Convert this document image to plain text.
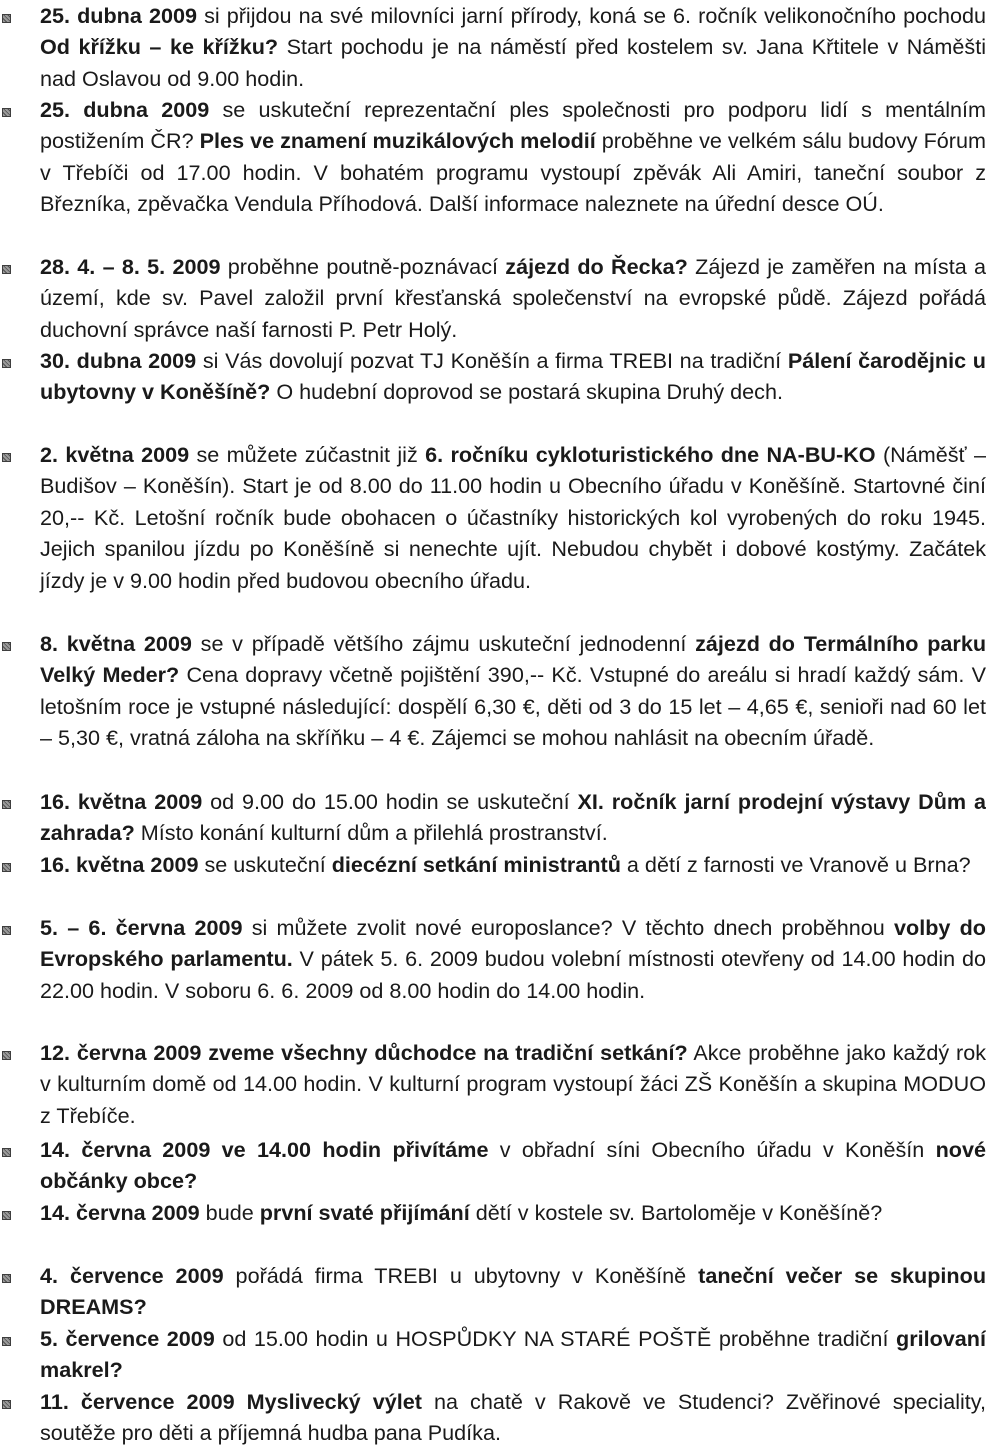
25. dubna 2009 si přijdou na své milovníci jarní přírody, koná se 6. ročník velikonočního pochodu Od křížku – ke křížku? Start pochodu je na náměstí před kostelem sv. Jana Křtitele v Náměšti nad Oslavou od 9.00 hodin.

25. dubna 2009 se uskuteční reprezentační ples společnosti pro podporu lidí s mentálním postižením ČR? Ples ve znamení muzikálových melodií proběhne ve velkém sálu budovy Fórum v Třebíči od 17.00 hodin. V bohatém programu vystoupí zpěvák Ali Amiri, taneční soubor z Březníka, zpěvačka Vendula Příhodová. Další informace naleznete na úřední desce OÚ.

28. 4. – 8. 5. 2009 proběhne poutně-poznávací zájezd do Řecka? Zájezd je zaměřen na místa a území, kde sv. Pavel založil první křesťanská společenství na evropské půdě. Zájezd pořádá duchovní správce naší farnosti P. Petr Holý.

30. dubna 2009 si Vás dovolují pozvat TJ Koněšín a firma TREBI na tradiční Pálení čarodějnic u ubytovny v Koněšíně? O hudební doprovod se postará skupina Druhý dech.

2. května 2009 se můžete zúčastnit již 6. ročníku cykloturistického dne NA-BU-KO (Náměšť – Budišov – Koněšín). Start je od 8.00 do 11.00 hodin u Obecního úřadu v Koněšíně. Startovné činí 20,-- Kč. Letošní ročník bude obohacen o účastníky historických kol vyrobených do roku 1945. Jejich spanilou jízdu po Koněšíně si nenechte ujít. Nebudou chybět i dobové kostýmy. Začátek jízdy je v 9.00 hodin před budovou obecního úřadu.

8. května 2009 se v případě většího zájmu uskuteční jednodenní zájezd do Termálního parku Velký Meder? Cena dopravy včetně pojištění 390,-- Kč. Vstupné do areálu si hradí každý sám. V letošním roce je vstupné následující: dospělí 6,30 €, děti od 3 do 15 let – 4,65 €, senioři nad 60 let – 5,30 €, vratná záloha na skříňku – 4 €. Zájemci se mohou nahlásit na obecním úřadě.

16. května 2009 od 9.00 do 15.00 hodin se uskuteční XI. ročník jarní prodejní výstavy Dům a zahrada? Místo konání kulturní dům a přilehlá prostranství.

16. května 2009 se uskuteční diecézní setkání ministrantů a dětí z farnosti ve Vranově u Brna?

5. – 6. června 2009 si můžete zvolit nové europoslance? V těchto dnech proběhnou volby do Evropského parlamentu. V pátek 5. 6. 2009 budou volební místnosti otevřeny od 14.00 hodin do 22.00 hodin. V soboru 6. 6. 2009 od 8.00 hodin do 14.00 hodin.

12. června 2009 zveme všechny důchodce na tradiční setkání? Akce proběhne jako každý rok v kulturním domě od 14.00 hodin. V kulturní program vystoupí žáci ZŠ Koněšín a skupina MODUO z Třebíče.

14. června 2009 ve 14.00 hodin přivítáme v obřadní síni Obecního úřadu v Koněšín nové občánky obce?

14. června 2009 bude první svaté přijímání dětí v kostele sv. Bartoloměje v Koněšíně?

4. července 2009 pořádá firma TREBI u ubytovny v Koněšíně taneční večer se skupinou DREAMS?

5. července 2009 od 15.00 hodin u HOSPŮDKY NA STARÉ POŠTĚ proběhne tradiční grilovaní makrel?

11. července 2009 Myslivecký výlet na chatě v Rakově ve Studenci? Zvěřinové speciality, soutěže pro děti a příjemná hudba pana Pudíka.
